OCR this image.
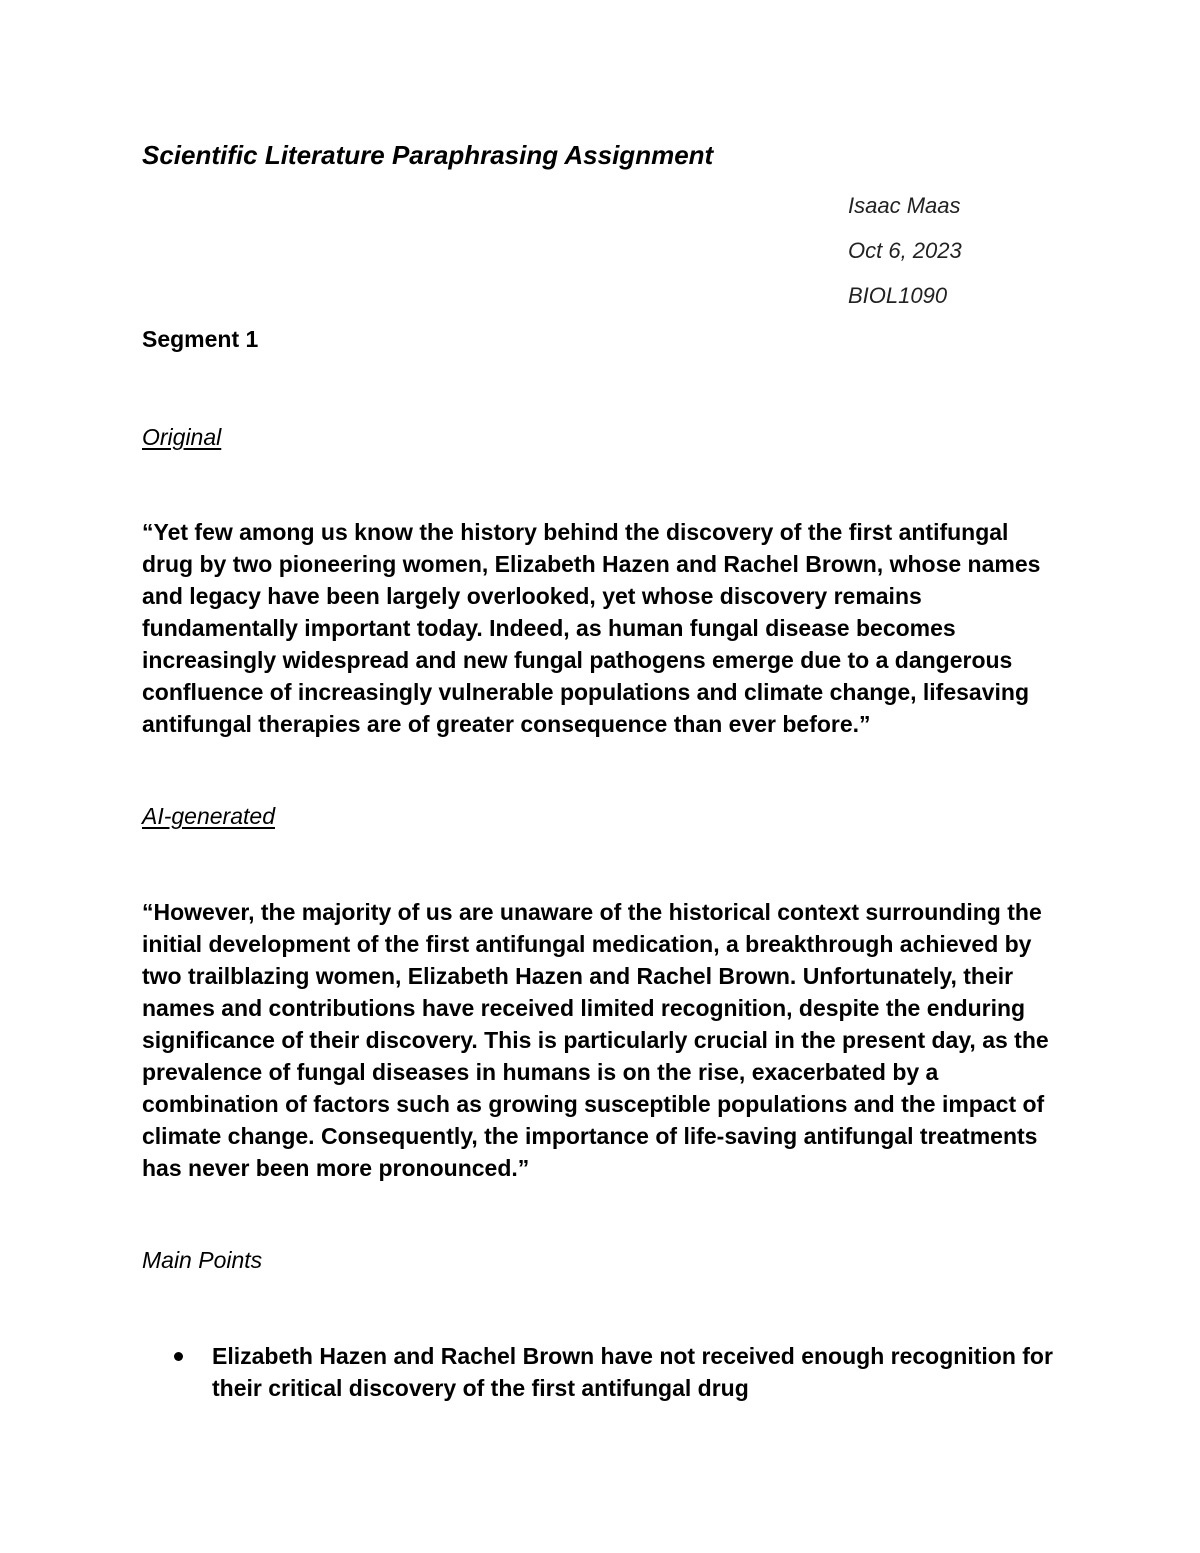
Scientific Literature Paraphrasing Assignment
Isaac Maas
Oct 6, 2023
BIOL1090
Segment 1
Original

“Yet few among us know the history behind the discovery of the first antifungal drug by two pioneering women, Elizabeth Hazen and Rachel Brown, whose names and legacy have been largely overlooked, yet whose discovery remains fundamentally important today. Indeed, as human fungal disease becomes increasingly widespread and new fungal pathogens emerge due to a dangerous confluence of increasingly vulnerable populations and climate change, lifesaving antifungal therapies are of greater consequence than ever before.”

AI-generated

“However, the majority of us are unaware of the historical context surrounding the initial development of the first antifungal medication, a breakthrough achieved by two trailblazing women, Elizabeth Hazen and Rachel Brown. Unfortunately, their names and contributions have received limited recognition, despite the enduring significance of their discovery. This is particularly crucial in the present day, as the prevalence of fungal diseases in humans is on the rise, exacerbated by a combination of factors such as growing susceptible populations and the impact of climate change. Consequently, the importance of life-saving antifungal treatments has never been more pronounced.”

Main Points
Elizabeth Hazen and Rachel Brown have not received enough recognition for their critical discovery of the first antifungal drug
